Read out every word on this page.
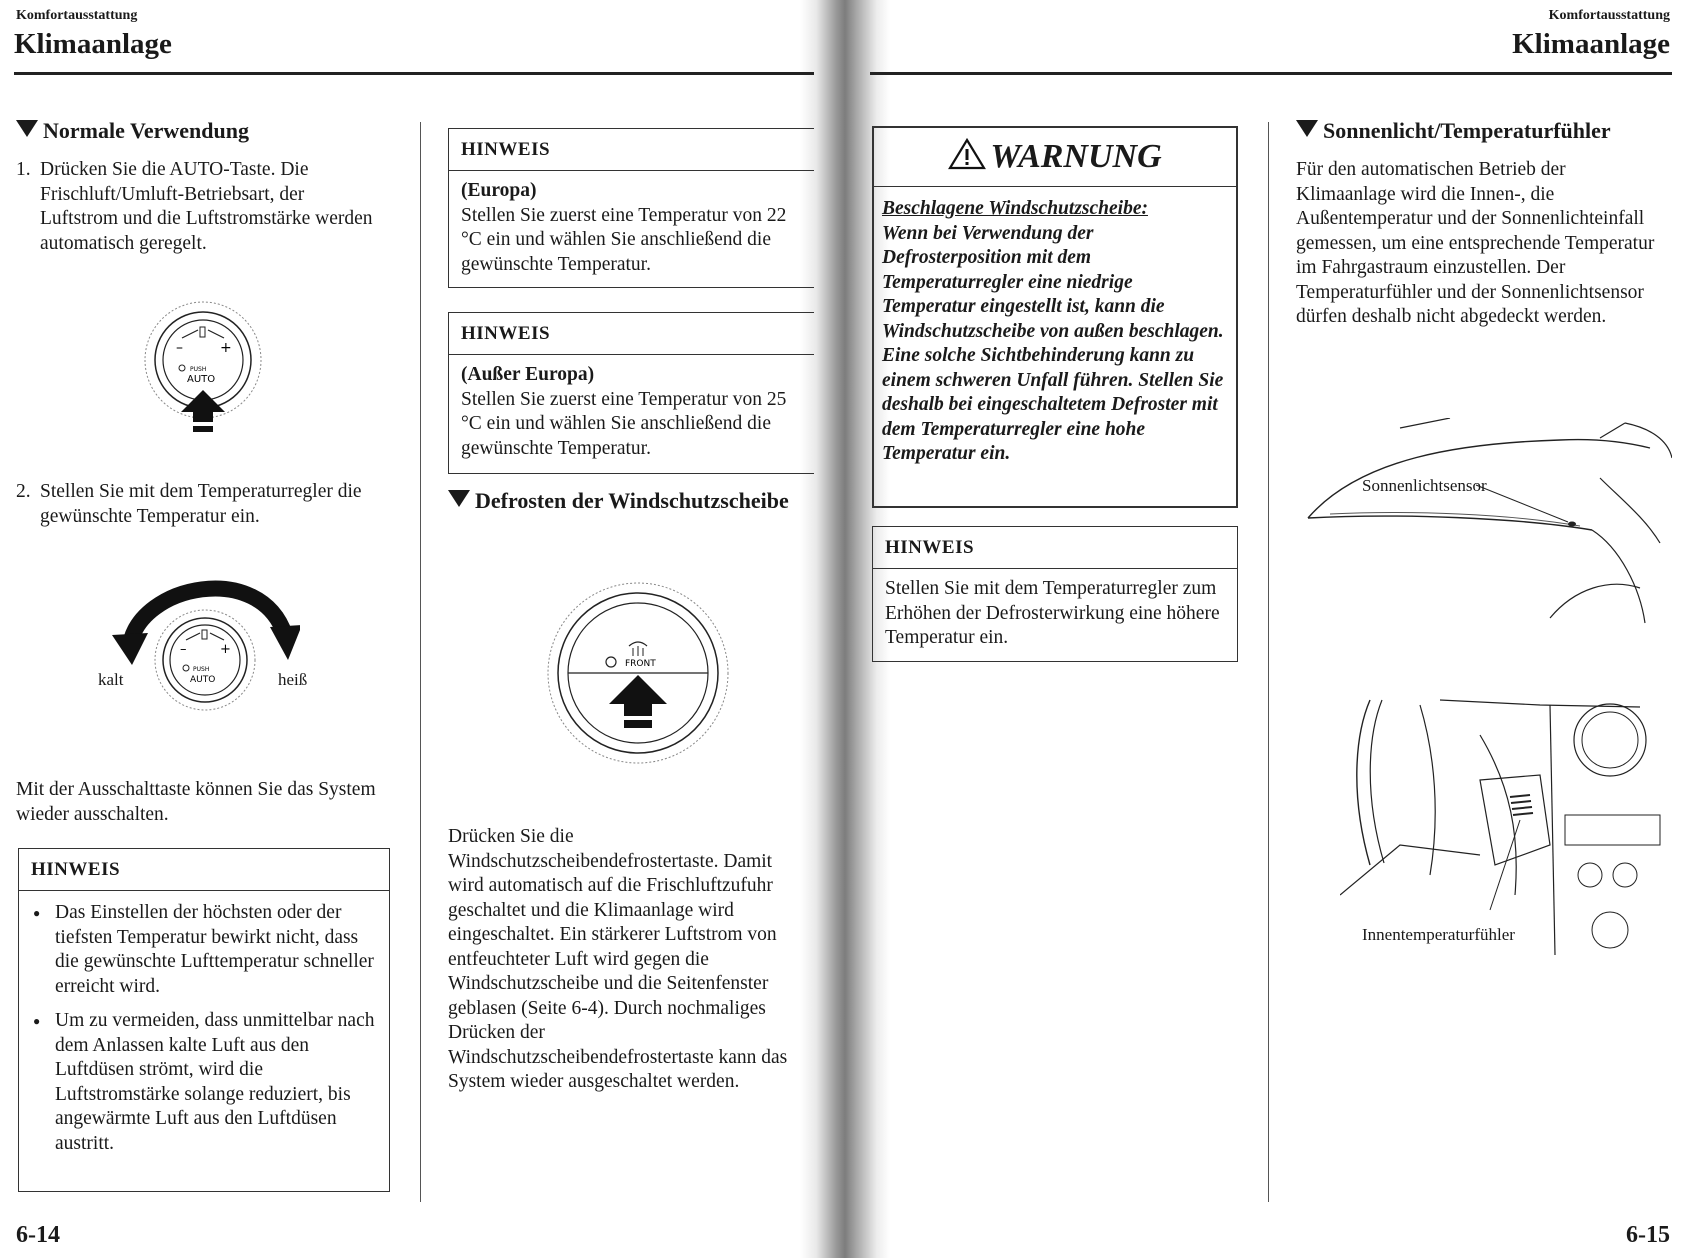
Komfortausstattung
Klimaanlage
Normale Verwendung
1. Drücken Sie die AUTO-Taste. Die Frischluft/Umluft-Betriebsart, der Luftstrom und die Luftstromstärke werden automatisch geregelt.
–	+
PUSH
AUTO
2. Stellen Sie mit dem Temperaturregler die gewünschte Temperatur ein.
–	+
PUSH
AUTO
kalt	heiß
Mit der Ausschalttaste können Sie das System wieder ausschalten.
HINWEIS
● Das Einstellen der höchsten oder der tiefsten Temperatur bewirkt nicht, dass die gewünschte Lufttemperatur schneller erreicht wird.
● Um zu vermeiden, dass unmittelbar nach dem Anlassen kalte Luft aus den Luftdüsen strömt, wird die Luftstromstärke solange reduziert, bis angewärmte Luft aus den Luftdüsen austritt.
HINWEIS
(Europa)
Stellen Sie zuerst eine Temperatur von 22 °C ein und wählen Sie anschließend die gewünschte Temperatur.
HINWEIS
(Außer Europa)
Stellen Sie zuerst eine Temperatur von 25 °C ein und wählen Sie anschließend die gewünschte Temperatur.
Defrosten der Windschutzscheibe
FRONT
Drücken Sie die Windschutzscheibendefrostertaste. Damit wird automatisch auf die Frischluftzufuhr geschaltet und die Klimaanlage wird eingeschaltet. Ein stärkerer Luftstrom von entfeuchteter Luft wird gegen die Windschutzscheibe und die Seitenfenster geblasen (Seite 6-4). Durch nochmaliges Drücken der Windschutzscheibendefrostertaste kann das System wieder ausgeschaltet werden.
6-14
Komfortausstattung
Klimaanlage
WARNUNG
Beschlagene Windschutzscheibe:
Wenn bei Verwendung der Defrosterposition mit dem Temperaturregler eine niedrige Temperatur eingestellt ist, kann die Windschutzscheibe von außen beschlagen. Eine solche Sichtbehinderung kann zu einem schweren Unfall führen. Stellen Sie deshalb bei eingeschaltetem Defroster mit dem Temperaturregler eine hohe Temperatur ein.
HINWEIS
Stellen Sie mit dem Temperaturregler zum Erhöhen der Defrosterwirkung eine höhere Temperatur ein.
Sonnenlicht/Temperaturfühler
Für den automatischen Betrieb der Klimaanlage wird die Innen-, die Außentemperatur und der Sonnenlichteinfall gemessen, um eine entsprechende Temperatur im Fahrgastraum einzustellen. Der Temperaturfühler und der Sonnenlichtsensor dürfen deshalb nicht abgedeckt werden.
Sonnenlichtsensor
Innentemperaturfühler
6-15
